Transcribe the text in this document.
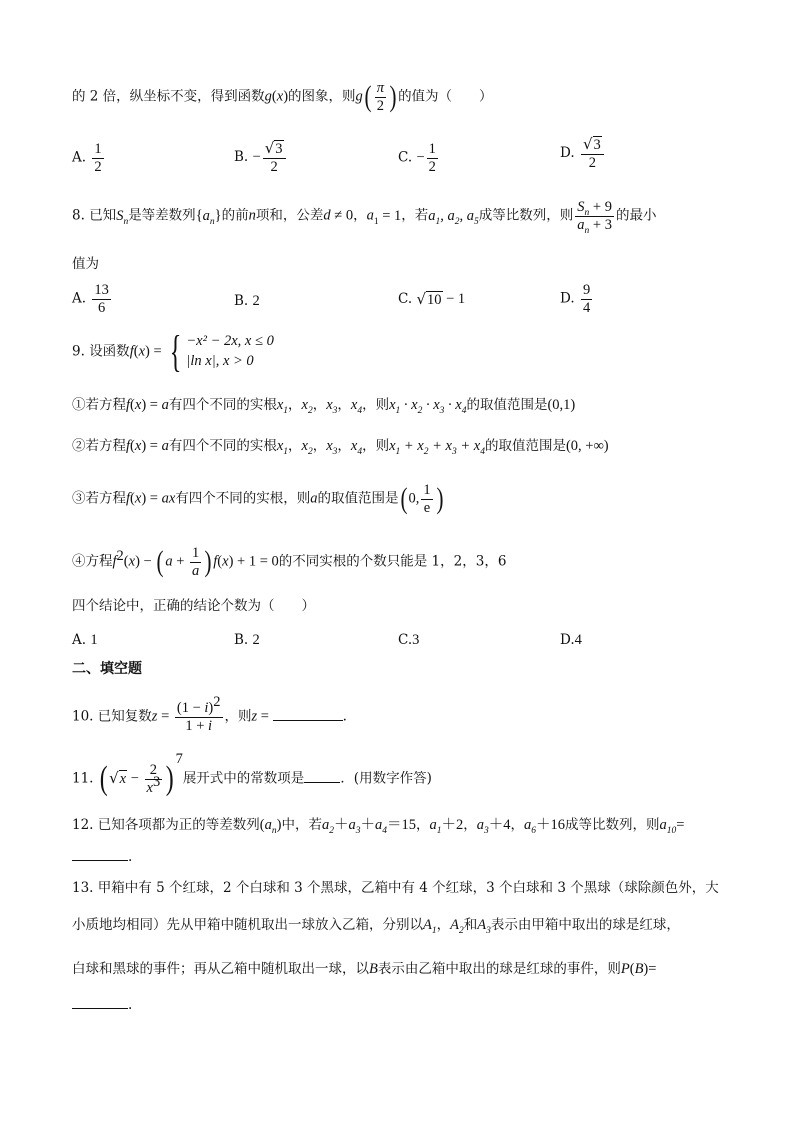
的 2 倍，纵坐标不变，得到函数g(x)的图象，则$g( \frac{\pi}{2}$ ) 的值为（　　）
A. $\frac{1}{2}$	B. − $\frac{√3}{2}$	C. − $\frac{1}{2}$	D. $\frac{√3}{2}$
8. 已知$S_n$是等差数列$\{a_n\}$的前n项和，公差d ≠ 0，$a_1 = 1$，若$a_1$, $a_2$, $a_5$成等比数列，则 $\frac{S_n + 9}{a_n + 3}$ 的最小
值为
A. $\frac{13}{6}$	B. 2	C. √10 − 1	D. $\frac{9}{4}$
9. 设函数f(x) = { −x² − 2x, x ≤ 0
|ln x|, x > 0
①若方程f(x) = a有四个不同的实根$x_1$，$x_2$，$x_3$，$x_4$，则$x_1 \cdot x_2 \cdot x_3 \cdot x_4$的取值范围是(0,1)
②若方程f(x) = a有四个不同的实根$x_1$，$x_2$，$x_3$，$x_4$，则$x_1 + x_2 + x_3 + x_4$的取值范围是(0, +∞)
③若方程f(x) = ax有四个不同的实根，则a的取值范围是( 0, $\frac{1}{e}$ )
④方程$f^2(x)$ − ( $a + \frac{1}{a}$ ) f(x) + 1 = 0的不同实根的个数只能是 1，2，3，6
四个结论中，正确的结论个数为（　　）
A. 1	B. 2	C.3	D.4
二、填空题
10. 已知复数$z = \frac{(1 - i)^2}{1 + i}$ ，则z =	.
11. ( $√x - \frac{2}{x^3} )^7$展开式中的常数项是	．(用数字作答)
12. 已知各项都为正的等差数列$(a_n)$中，若$a_2+a_3+a_4=15$，$a_1+2$，$a_3+4$，$a_6+16$成等比数列，则$a_{10}=$
.
13. 甲箱中有 5 个红球，2 个白球和 3 个黑球，乙箱中有 4 个红球，3 个白球和 3 个黑球（球除颜色外，大
小质地均相同）先从甲箱中随机取出一球放入乙箱，分别以$A_1$，$A_2$和$A_3$表示由甲箱中取出的球是红球，
白球和黑球的事件；再从乙箱中随机取出一球，以B表示由乙箱中取出的球是红球的事件，则P(B)=
.
